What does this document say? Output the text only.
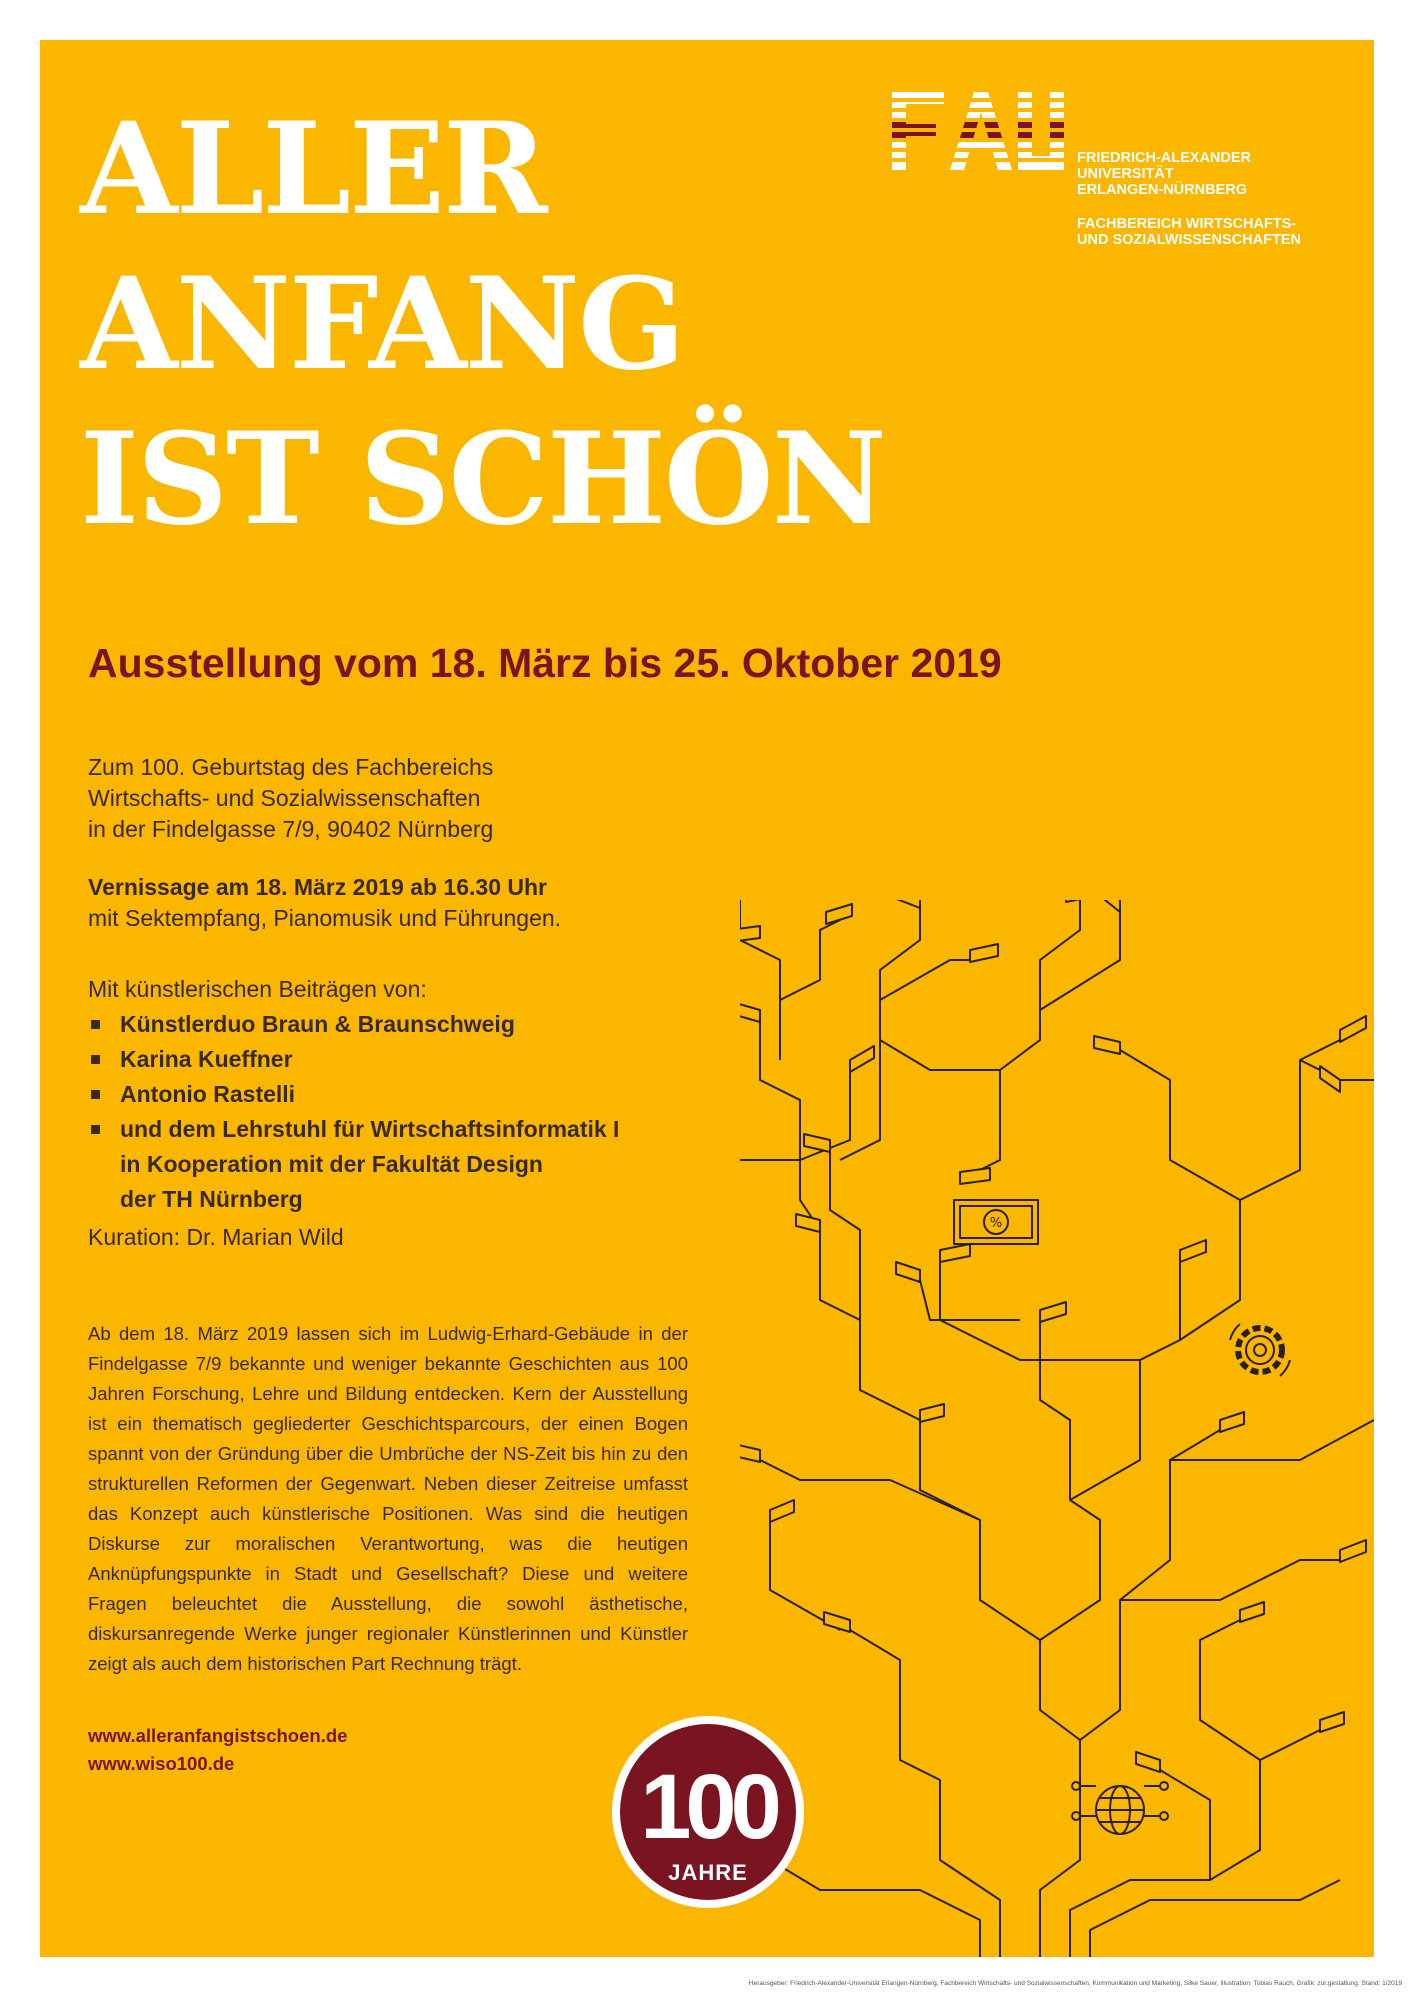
ALLER
ANFANG
IST SCHÖN
FRIEDRICH-ALEXANDER
UNIVERSITÄT
ERLANGEN-NÜRNBERG
FACHBEREICH WIRTSCHAFTS-
UND SOZIALWISSENSCHAFTEN
Ausstellung vom 18. März bis 25. Oktober 2019
Zum 100. Geburtstag des Fachbereichs
Wirtschafts- und Sozialwissenschaften
in der Findelgasse 7/9, 90402 Nürnberg
Vernissage am 18. März 2019 ab 16.30 Uhr
mit Sektempfang, Pianomusik und Führungen.
Mit künstlerischen Beiträgen von:
Künstlerduo Braun & Braunschweig
Karina Kueffner
Antonio Rastelli
und dem Lehrstuhl für Wirtschaftsinformatik I
in Kooperation mit der Fakultät Design
der TH Nürnberg
Kuration: Dr. Marian Wild

Ab dem 18. März 2019 lassen sich im Ludwig-Erhard-Gebäude in der Findelgasse 7/9 bekannte und weniger bekannte Geschichten aus 100 Jahren Forschung, Lehre und Bildung entdecken. Kern der Ausstellung ist ein thematisch gegliederter Geschichtsparcours, der einen Bogen spannt von der Gründung über die Umbrüche der NS-Zeit bis hin zu den strukturellen Reformen der Gegenwart. Neben dieser Zeitreise umfasst das Konzept auch künstlerische Positionen. Was sind die heutigen Diskurse zur moralischen Verantwortung, was die heutigen Anknüpfungspunkte in Stadt und Gesellschaft? Diese und weitere Fragen beleuchtet die Ausstellung, die sowohl ästhetische, diskursanregende Werke junger regionaler Künstlerinnen und Künstler zeigt als auch dem historischen Part Rechnung trägt.

www.alleranfangistschoen.de
www.wiso100.de
%
100
JAHRE
Herausgeber: Friedrich-Alexander-Universität Erlangen-Nürnberg, Fachbereich Wirtschafts- und Sozialwissenschaften, Kommunikation und Marketing, Silke Sauer, Illustration: Tobias Rauch, Grafik: zur.gestaltung. Stand: 1/2019
